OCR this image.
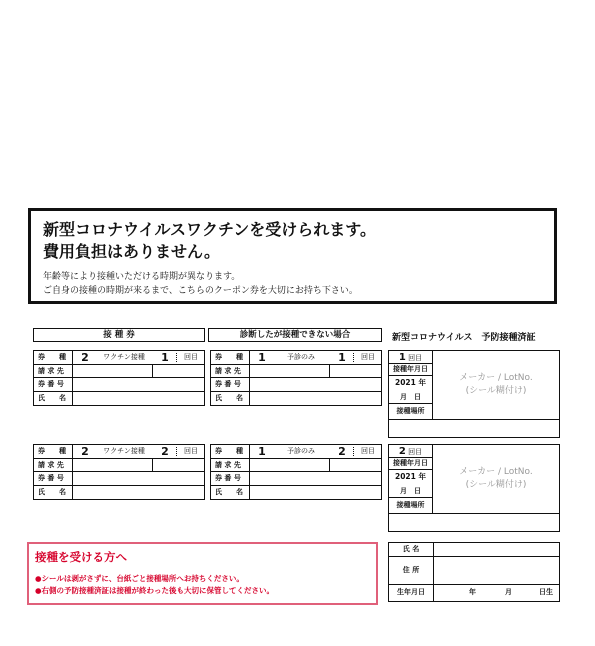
新型コロナウイルスワクチンを受けられます。
費用負担はありません。
年齢等により接種いただける時期が異なります。
ご自身の接種の時期が来るまで、こちらのクーポン券を大切にお持ち下さい。
接 種 券	診断したが接種できない場合	新型コロナウイルス　予防接種済証
券　　種	2	ワクチン接種	1	回目
請 求 先
券 番 号
氏　　名
券　　種	1	予診のみ	1	回目
請 求 先
券 番 号
氏　　名
券　　種	2	ワクチン接種	2	回目
請 求 先
券 番 号
氏　　名
券　　種	1	予診のみ	2	回目
請 求 先
券 番 号
氏　　名
1 回目
接種年月日
2021 年
月　日
接種場所
メーカー / LotNo.
(シール糊付け)
2 回目
接種年月日
2021 年
月　日
接種場所
メーカー / LotNo.
(シール糊付け)
接種を受ける方へ
●シールは剥がさずに、台紙ごと接種場所へお持ちください。
●右側の予防接種済証は接種が終わった後も大切に保管してください。
氏 名
住 所
生年月日	年	月	日生
